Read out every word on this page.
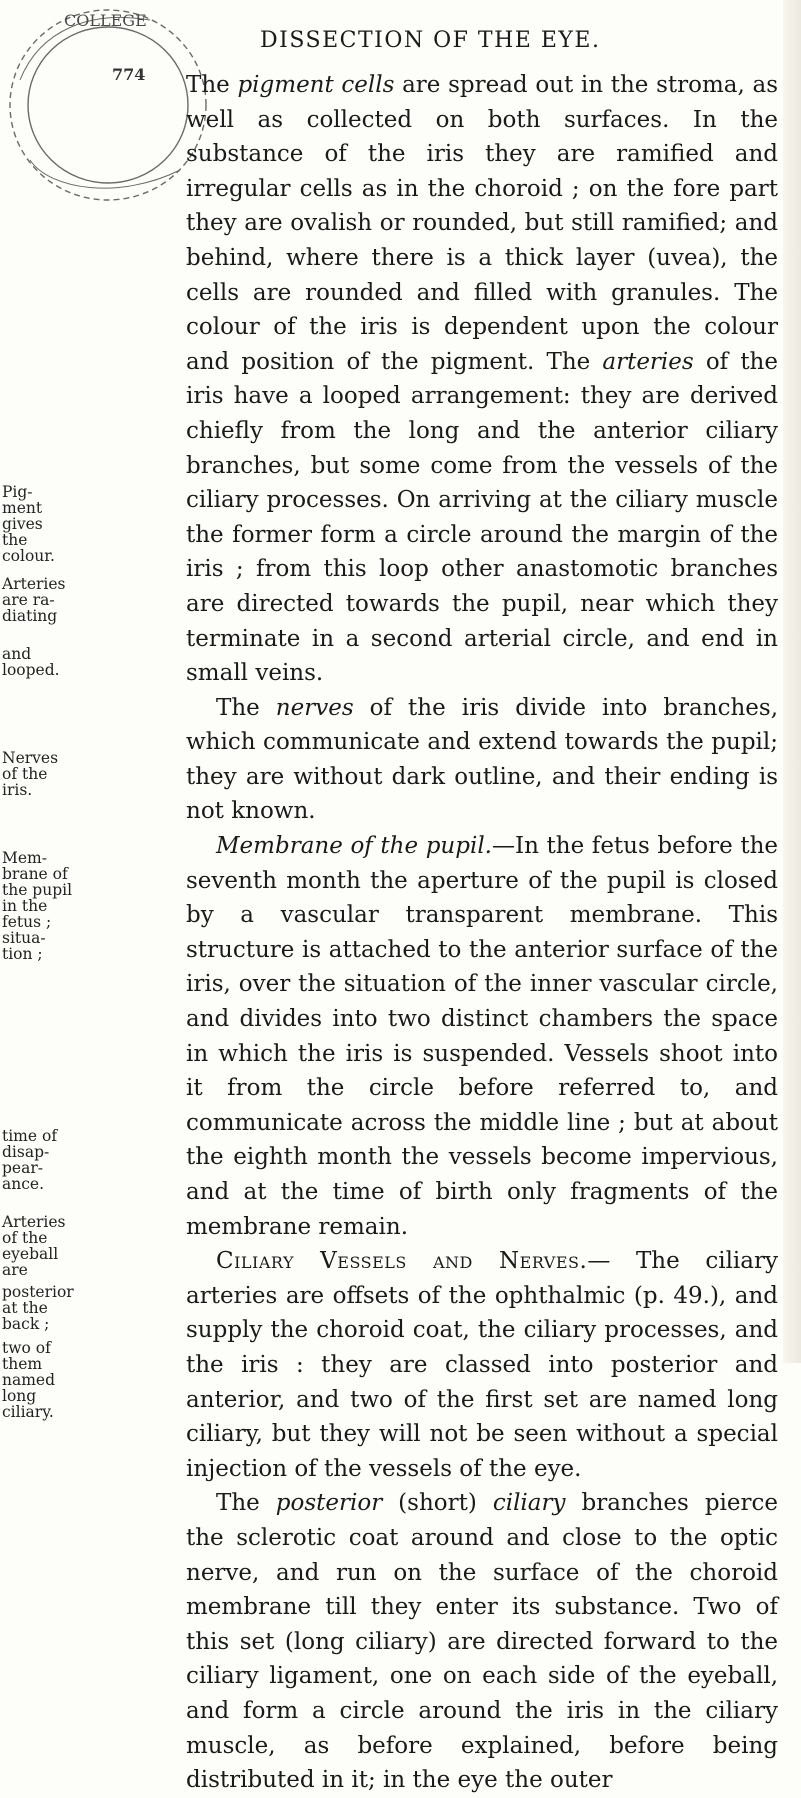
COLLEGE
774
DISSECTION OF THE EYE.

The pigment cells are spread out in the stroma, as well as collected on both surfaces. In the substance of the iris they are ramified and irregular cells as in the choroid ; on the fore part they are ovalish or rounded, but still ramified; and behind, where there is a thick layer (uvea), the cells are rounded and filled with granules. The colour of the iris is dependent upon the colour and position of the pigment. The arteries of the iris have a looped arrangement: they are derived chiefly from the long and the anterior ciliary branches, but some come from the vessels of the ciliary processes. On arriving at the ciliary muscle the former form a circle around the margin of the iris ; from this loop other anastomotic branches are directed towards the pupil, near which they terminate in a second arterial circle, and end in small veins.

The nerves of the iris divide into branches, which communicate and extend towards the pupil; they are without dark outline, and their ending is not known.

Membrane of the pupil.—In the fetus before the seventh month the aperture of the pupil is closed by a vascular transparent membrane. This structure is attached to the anterior surface of the iris, over the situation of the inner vascular circle, and divides into two distinct chambers the space in which the iris is suspended. Vessels shoot into it from the circle before referred to, and communicate across the middle line ; but at about the eighth month the vessels become impervious, and at the time of birth only fragments of the membrane remain.

Ciliary Vessels and Nerves.— The ciliary arteries are offsets of the ophthalmic (p. 49.), and supply the choroid coat, the ciliary processes, and the iris : they are classed into posterior and anterior, and two of the first set are named long ciliary, but they will not be seen without a special injection of the vessels of the eye.

The posterior (short) ciliary branches pierce the sclerotic coat around and close to the optic nerve, and run on the surface of the choroid membrane till they enter its substance. Two of this set (long ciliary) are directed forward to the ciliary ligament, one on each side of the eyeball, and form a circle around the iris in the ciliary muscle, as before explained, before being distributed in it; in the eye the outer

Pig-
ment
gives
the
colour.
Arteries
are ra-
diating
and
looped.
Nerves
of the
iris.
Mem-
brane of
the pupil
in the
fetus ;
situa-
tion ;
time of
disap-
pear-
ance.
Arteries
of the
eyeball
are
posterior
at the
back ;
two of
them
named
long
ciliary.
